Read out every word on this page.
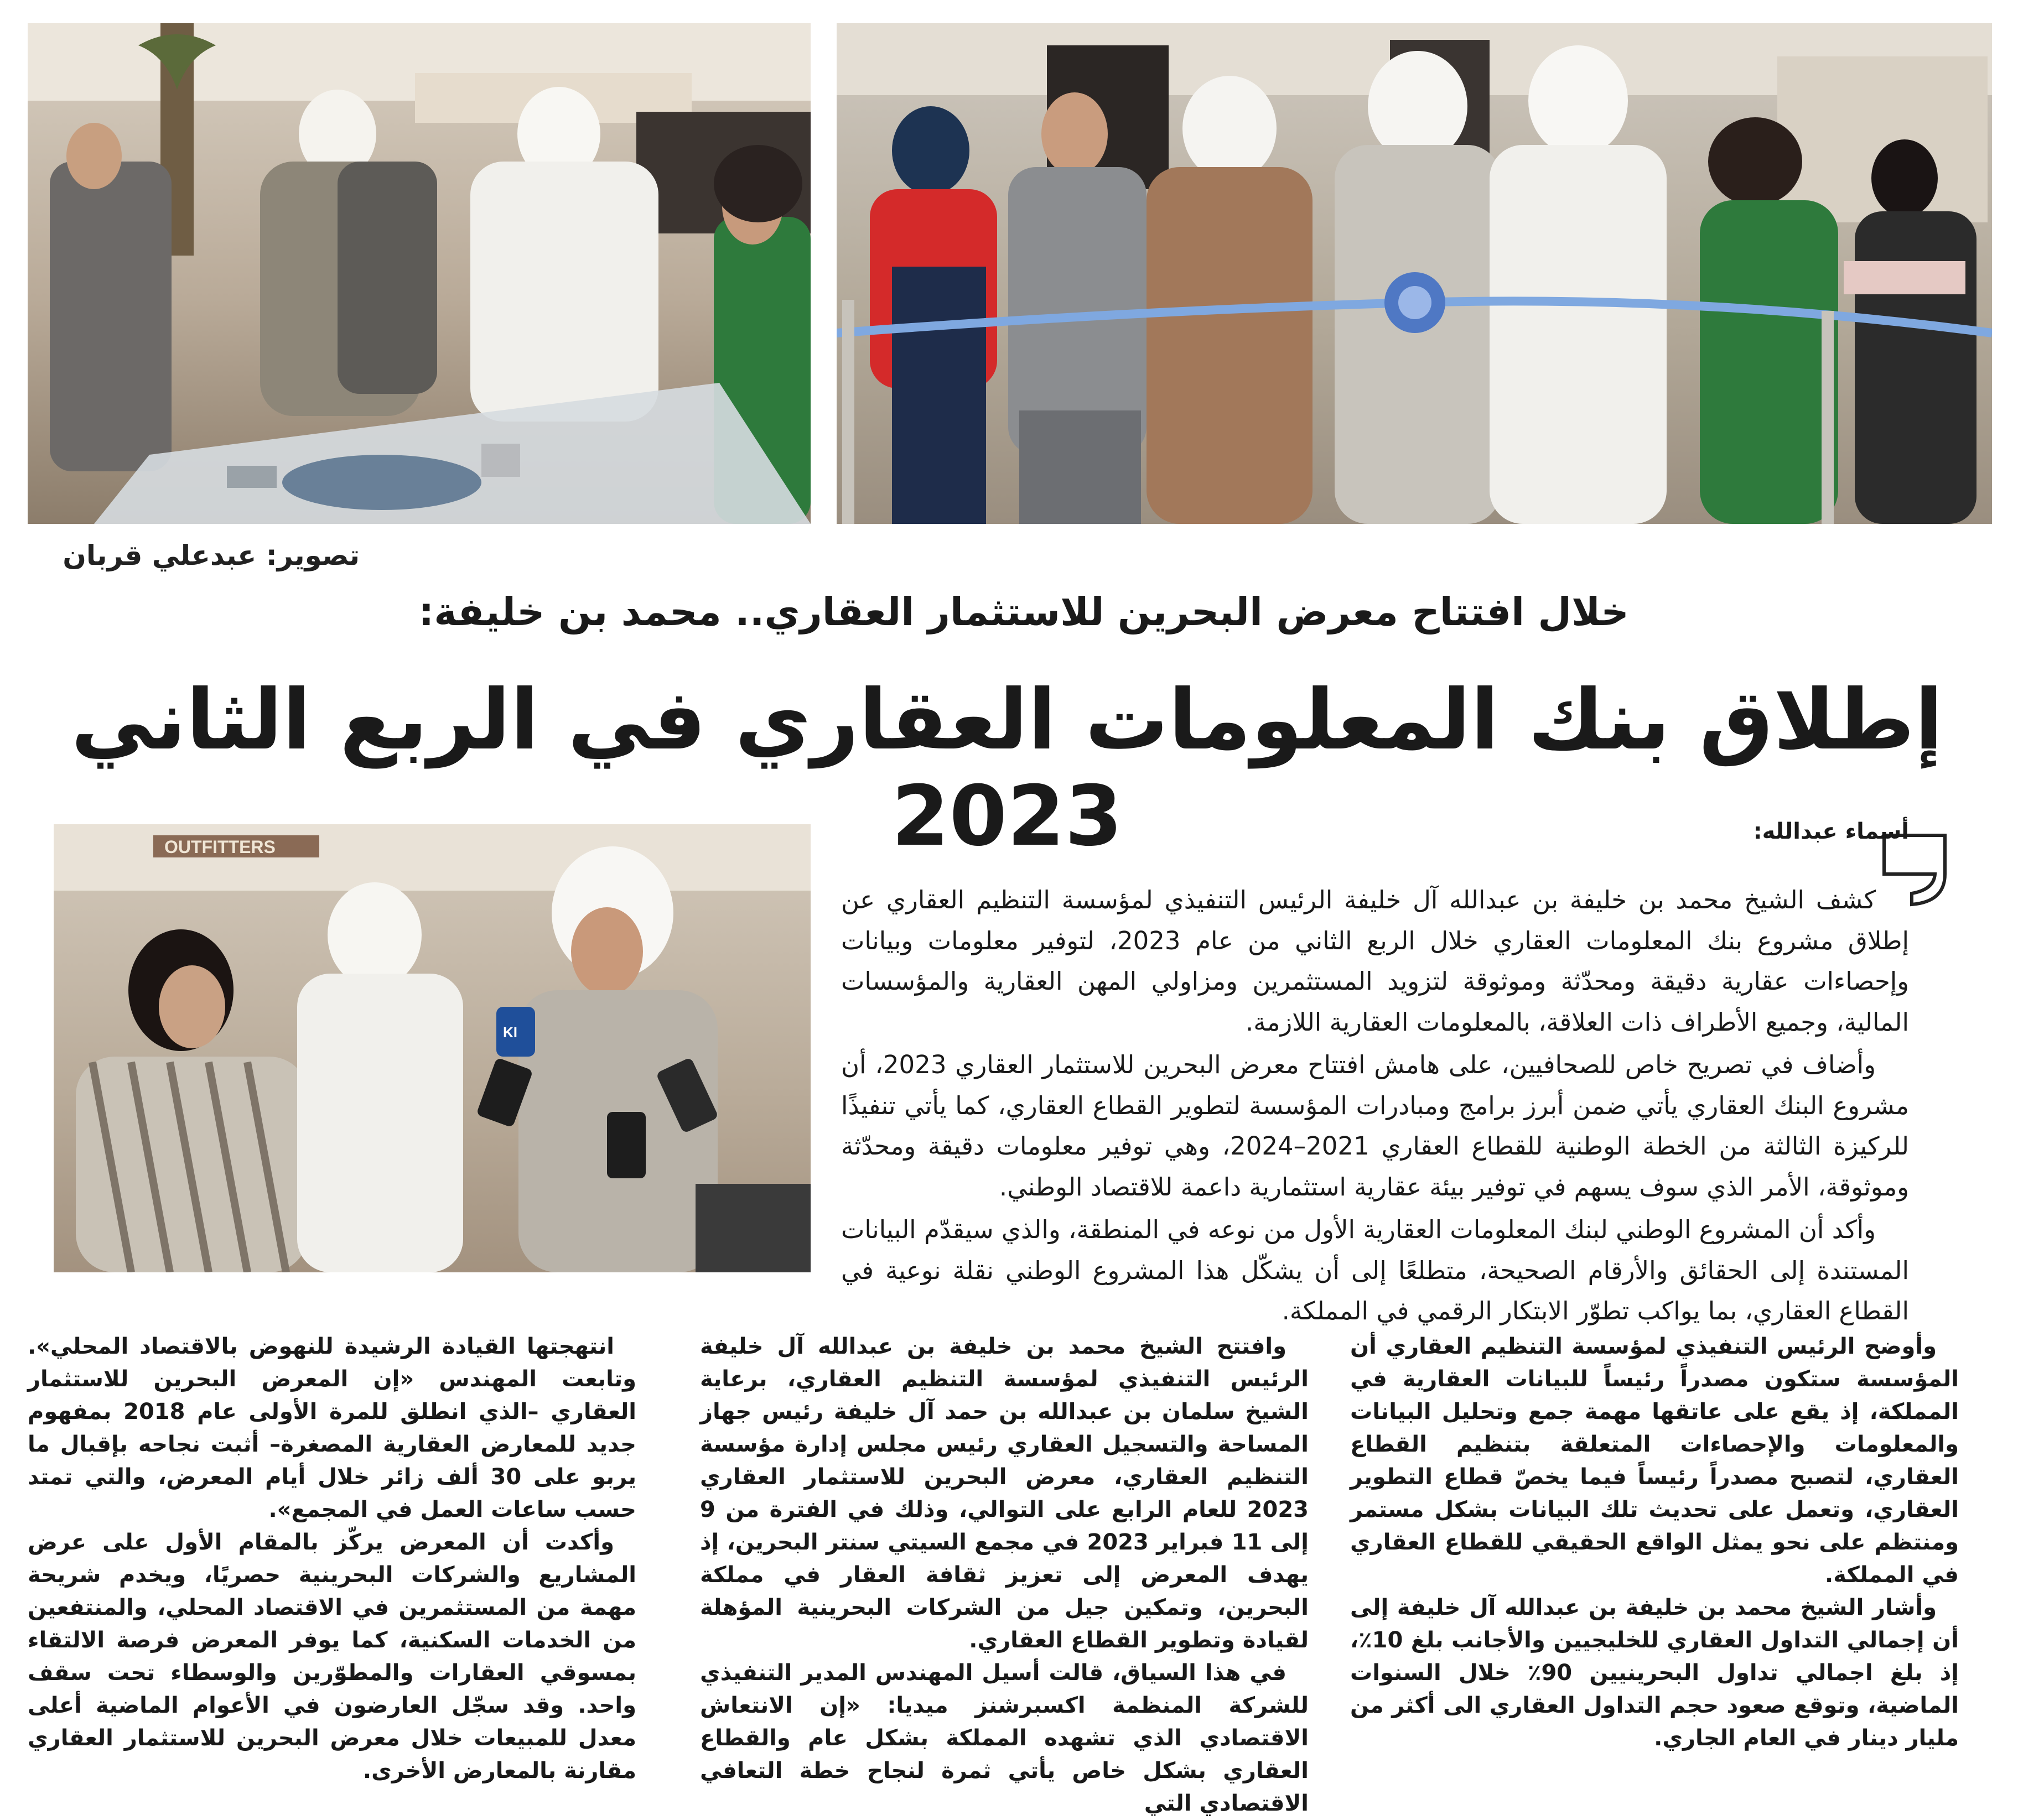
تصوير: عبدعلي قربان
خلال افتتاح معرض البحرين للاستثمار العقاري.. محمد بن خليفة:
إطلاق بنك المعلومات العقاري في الربع الثاني 2023
OUTFITTERS
KI
أسماء عبدالله:

كشف الشيخ محمد بن خليفة بن عبدالله آل خليفة الرئيس التنفيذي لمؤسسة التنظيم العقاري عن إطلاق مشروع بنك المعلومات العقاري خلال الربع الثاني من عام 2023، لتوفير معلومات وبيانات وإحصاءات عقارية دقيقة ومحدّثة وموثوقة لتزويد المستثمرين ومزاولي المهن العقارية والمؤسسات المالية، وجميع الأطراف ذات العلاقة، بالمعلومات العقارية اللازمة.

وأضاف في تصريح خاص للصحافيين، على هامش افتتاح معرض البحرين للاستثمار العقاري 2023، أن مشروع البنك العقاري يأتي ضمن أبرز برامج ومبادرات المؤسسة لتطوير القطاع العقاري، كما يأتي تنفيذًا للركيزة الثالثة من الخطة الوطنية للقطاع العقاري 2021–2024، وهي توفير معلومات دقيقة ومحدّثة وموثوقة، الأمر الذي سوف يسهم في توفير بيئة عقارية استثمارية داعمة للاقتصاد الوطني.

وأكد أن المشروع الوطني لبنك المعلومات العقارية الأول من نوعه في المنطقة، والذي سيقدّم البيانات المستندة إلى الحقائق والأرقام الصحيحة، متطلعًا إلى أن يشكّل هذا المشروع الوطني نقلة نوعية في القطاع العقاري، بما يواكب تطوّر الابتكار الرقمي في المملكة.

وأوضح الرئيس التنفيذي لمؤسسة التنظيم العقاري أن المؤسسة ستكون مصدراً رئيساً للبيانات العقارية في المملكة، إذ يقع على عاتقها مهمة جمع وتحليل البيانات والمعلومات والإحصاءات المتعلقة بتنظيم القطاع العقاري، لتصبح مصدراً رئيساً فيما يخصّ قطاع التطوير العقاري، وتعمل على تحديث تلك البيانات بشكل مستمر ومنتظم على نحو يمثل الواقع الحقيقي للقطاع العقاري في المملكة.

وأشار الشيخ محمد بن خليفة بن عبدالله آل خليفة إلى أن إجمالي التداول العقاري للخليجيين والأجانب بلغ 10٪، إذ بلغ اجمالي تداول البحرينيين 90٪ خلال السنوات الماضية، وتوقع صعود حجم التداول العقاري الى أكثر من مليار دينار في العام الجاري.

وافتتح الشيخ محمد بن خليفة بن عبدالله آل خليفة الرئيس التنفيذي لمؤسسة التنظيم العقاري، برعاية الشيخ سلمان بن عبدالله بن حمد آل خليفة رئيس جهاز المساحة والتسجيل العقاري رئيس مجلس إدارة مؤسسة التنظيم العقاري، معرض البحرين للاستثمار العقاري 2023 للعام الرابع على التوالي، وذلك في الفترة من 9 إلى 11 فبراير 2023 في مجمع السيتي سنتر البحرين، إذ يهدف المعرض إلى تعزيز ثقافة العقار في مملكة البحرين، وتمكين جيل من الشركات البحرينية المؤهلة لقيادة وتطوير القطاع العقاري.

في هذا السياق، قالت أسيل المهندس المدير التنفيذي للشركة المنظمة اكسبرشنز ميديا: «إن الانتعاش الاقتصادي الذي تشهده المملكة بشكل عام والقطاع العقاري بشكل خاص يأتي ثمرة لنجاح خطة التعافي الاقتصادي التي

انتهجتها القيادة الرشيدة للنهوض بالاقتصاد المحلي». وتابعت المهندس «إن المعرض البحرين للاستثمار العقاري –الذي انطلق للمرة الأولى عام 2018 بمفهوم جديد للمعارض العقارية المصغرة– أثبت نجاحه بإقبال ما يربو على 30 ألف زائر خلال أيام المعرض، والتي تمتد حسب ساعات العمل في المجمع».

وأكدت أن المعرض يركّز بالمقام الأول على عرض المشاريع والشركات البحرينية حصريًا، ويخدم شريحة مهمة من المستثمرين في الاقتصاد المحلي، والمنتفعين من الخدمات السكنية، كما يوفر المعرض فرصة الالتقاء بمسوقي العقارات والمطوّرين والوسطاء تحت سقف واحد. وقد سجّل العارضون في الأعوام الماضية أعلى معدل للمبيعات خلال معرض البحرين للاستثمار العقاري مقارنة بالمعارض الأخرى.
